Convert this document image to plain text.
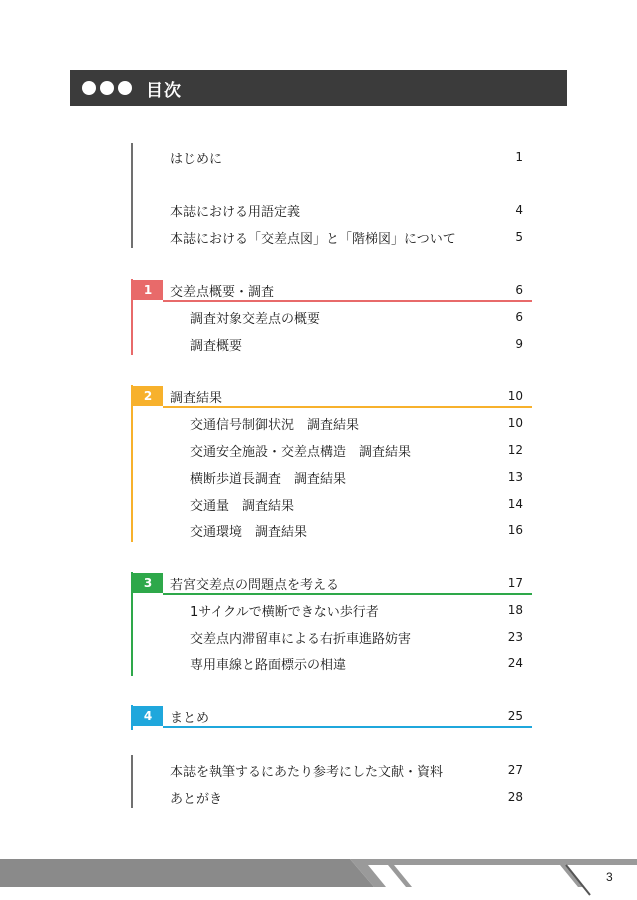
目次
はじめに	1
本誌における用語定義	4
本誌における「交差点図」と「階梯図」について	5
1	交差点概要・調査	6
調査対象交差点の概要	6
調査概要	9
2	調査結果	10
交通信号制御状況　調査結果	10
交通安全施設・交差点構造　調査結果	12
横断歩道長調査　調査結果	13
交通量　調査結果	14
交通環境　調査結果	16
3	若宮交差点の問題点を考える	17
1サイクルで横断できない歩行者	18
交差点内滞留車による右折車進路妨害	23
専用車線と路面標示の相違	24
4	まとめ	25
本誌を執筆するにあたり参考にした文献・資料	27
あとがき	28
3
